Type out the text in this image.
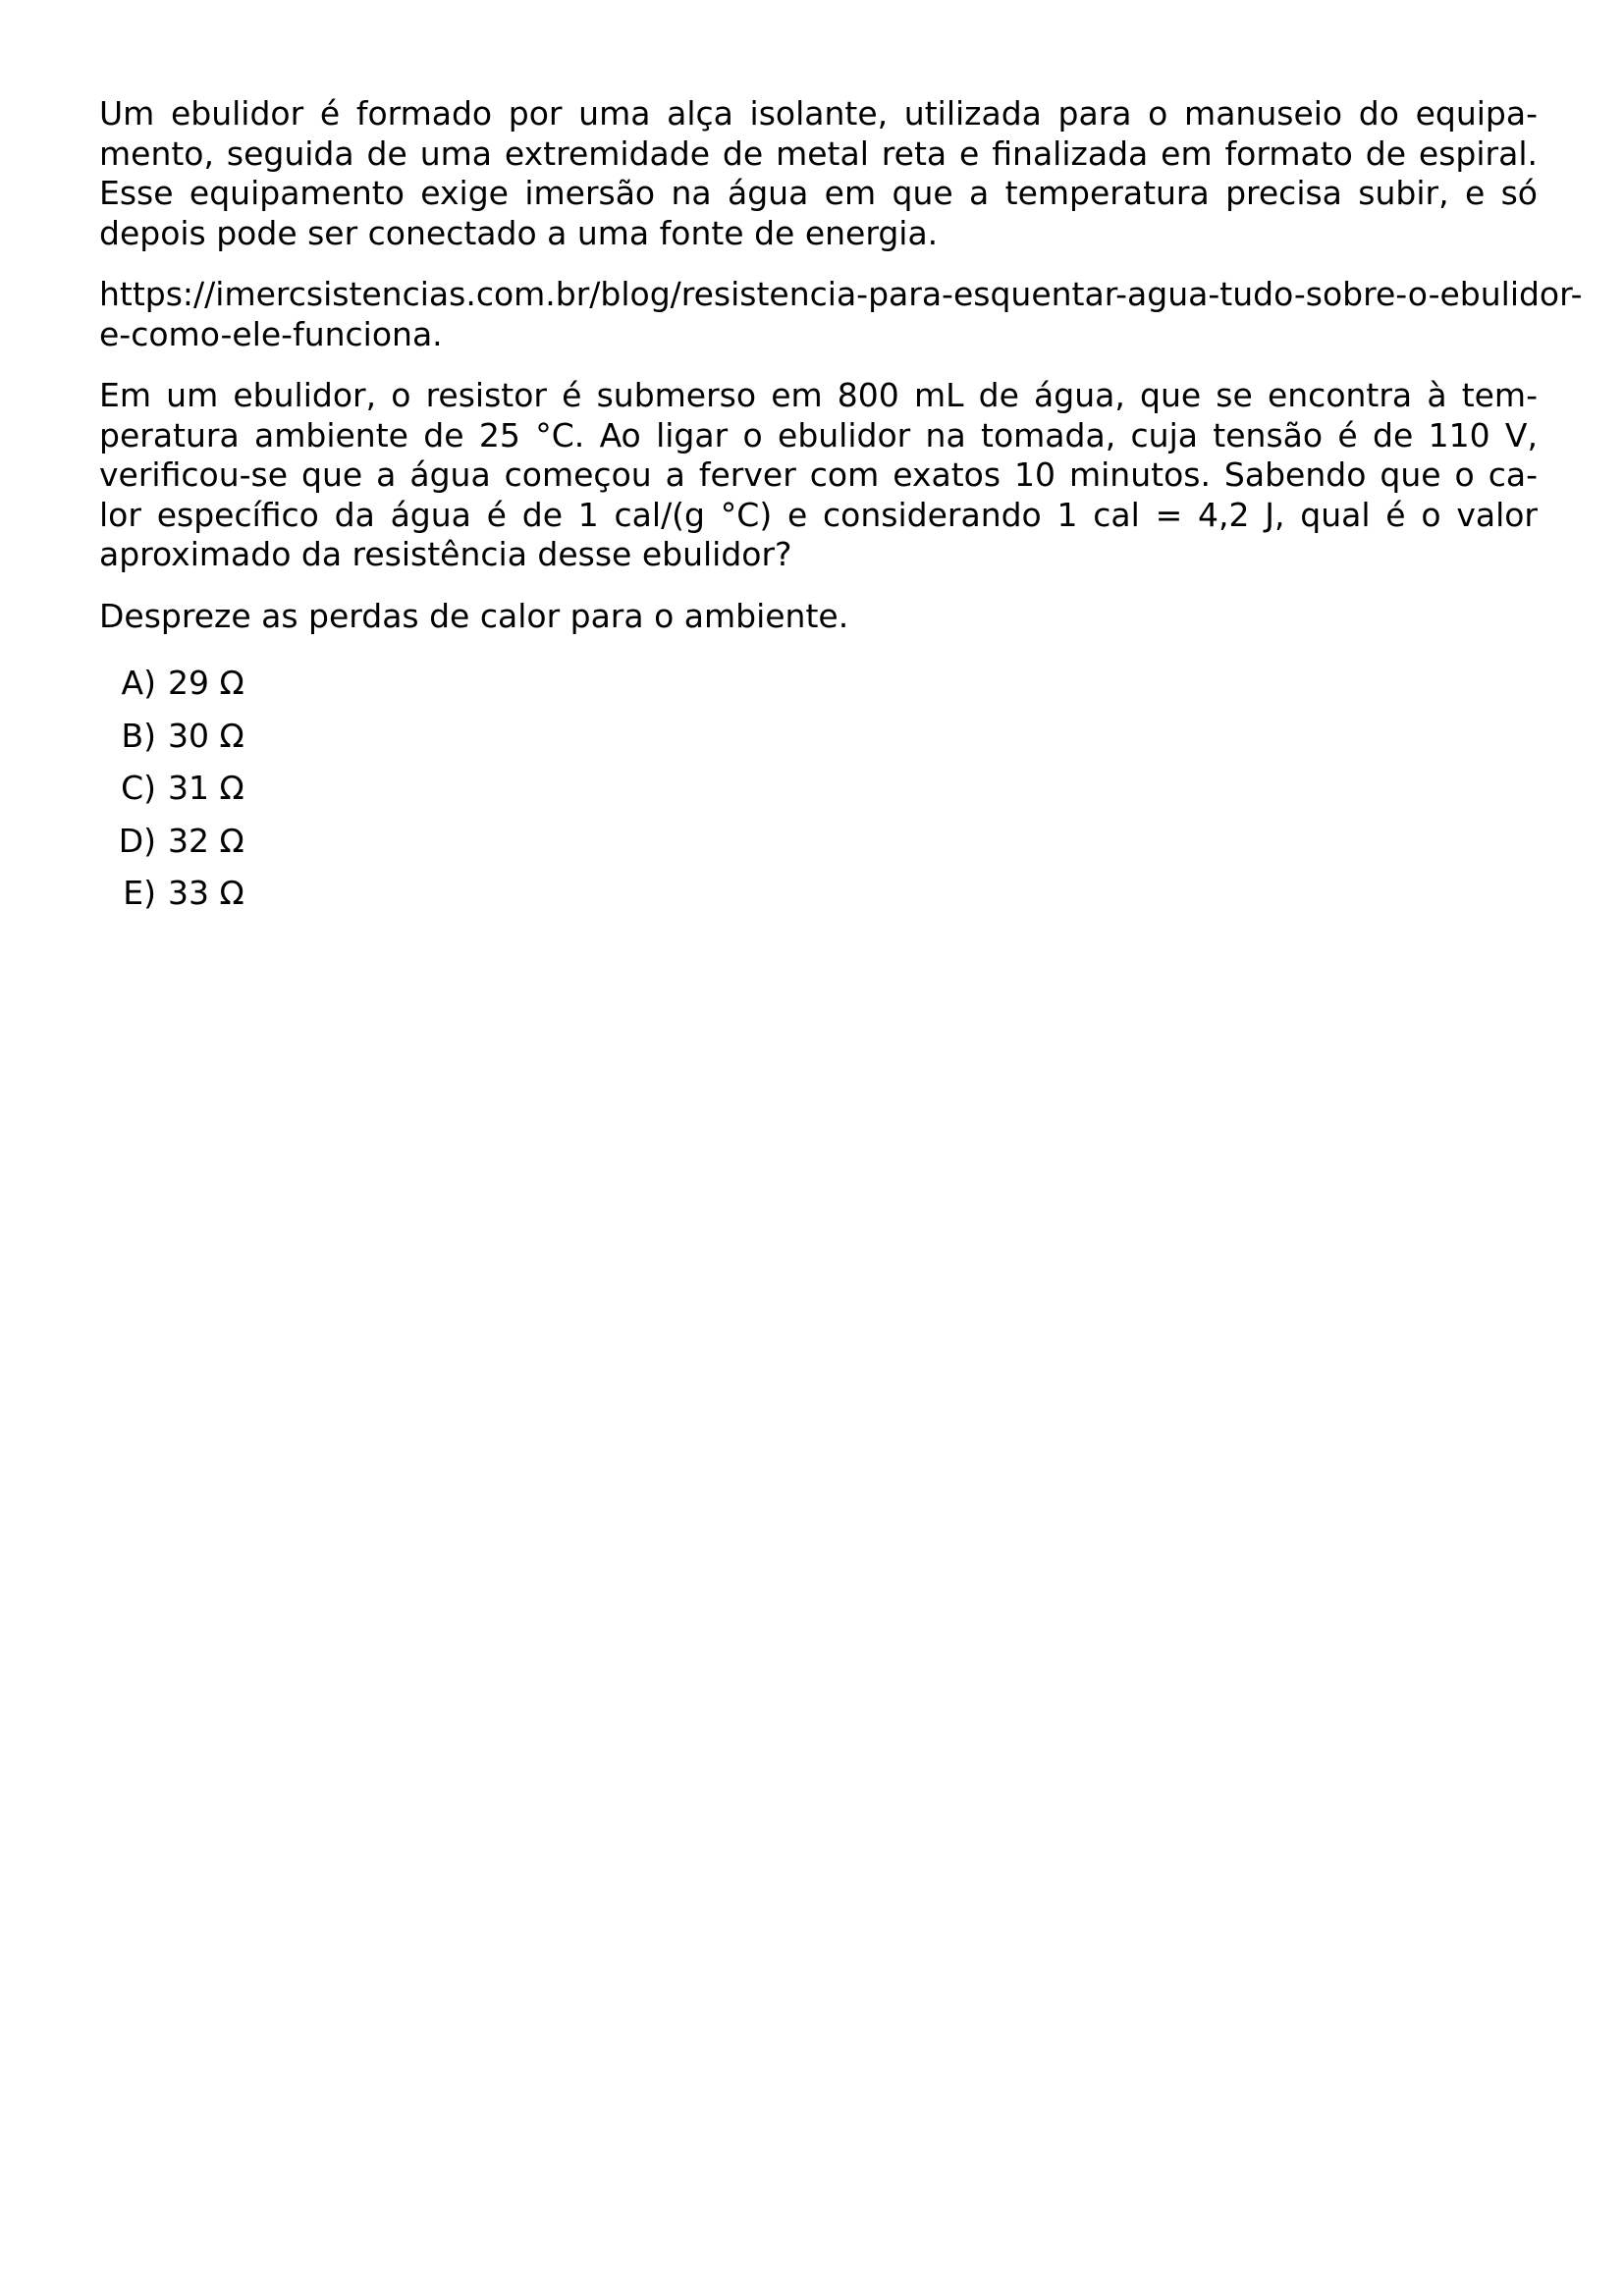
Um ebulidor é formado por uma alça isolante, utilizada para o manuseio do equipa-
mento, seguida de uma extremidade de metal reta e finalizada em formato de espiral.
Esse equipamento exige imersão na água em que a temperatura precisa subir, e só
depois pode ser conectado a uma fonte de energia.

https://imercsistencias.com.br/blog/resistencia-para-esquentar-agua-tudo-sobre-o-ebulidor-
e-como-ele-funciona.

Em um ebulidor, o resistor é submerso em 800 mL de água, que se encontra à tem-
peratura ambiente de 25 °C. Ao ligar o ebulidor na tomada, cuja tensão é de 110 V,
verificou-se que a água começou a ferver com exatos 10 minutos. Sabendo que o ca-
lor específico da água é de 1 cal/(g °C) e considerando 1 cal = 4,2 J, qual é o valor
aproximado da resistência desse ebulidor?

Despreze as perdas de calor para o ambiente.

A) 29 Ω
B) 30 Ω
C) 31 Ω
D) 32 Ω
E) 33 Ω
